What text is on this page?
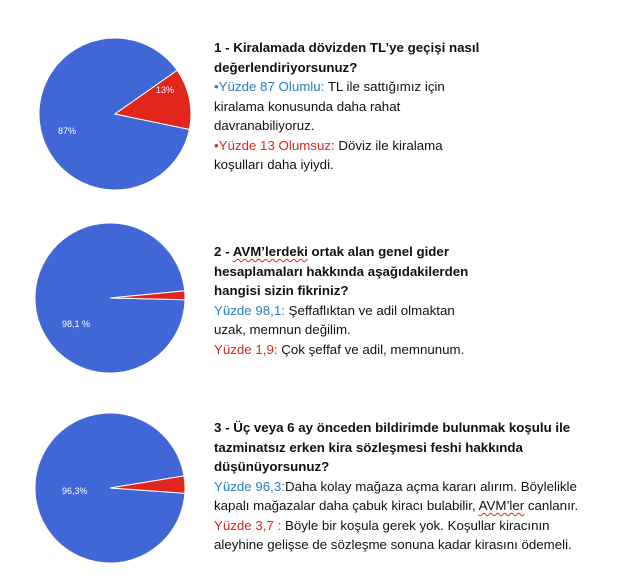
87%
13%
98,1 %
96,3%
1 - Kiralamada dövizden TL’ye geçişi nasıl
değerlendiriyorsunuz?
• Yüzde 87 Olumlu: TL ile sattığımız için
kiralama konusunda daha rahat
davranabiliyoruz.
• Yüzde 13 Olumsuz: Döviz ile kiralama
koşulları daha iyiydi.
2 - AVM’lerdeki ortak alan genel gider
hesaplamaları hakkında aşağıdakilerden
hangisi sizin fikriniz?
Yüzde 98,1: Şeffaflıktan ve adil olmaktan
uzak, memnun değilim.
Yüzde 1,9: Çok şeffaf ve adil, memnunum.
3 - Üç veya 6 ay önceden bildirimde bulunmak koşulu ile
tazminatsız erken kira sözleşmesi feshi hakkında
düşünüyorsunuz?
Yüzde 96,3:Daha kolay mağaza açma kararı alırım. Böylelikle
kapalı mağazalar daha çabuk kiracı bulabilir, AVM’ler canlanır.
Yüzde 3,7 : Böyle bir koşula gerek yok. Koşullar kiracının
aleyhine gelişse de sözleşme sonuna kadar kirasını ödemeli.
